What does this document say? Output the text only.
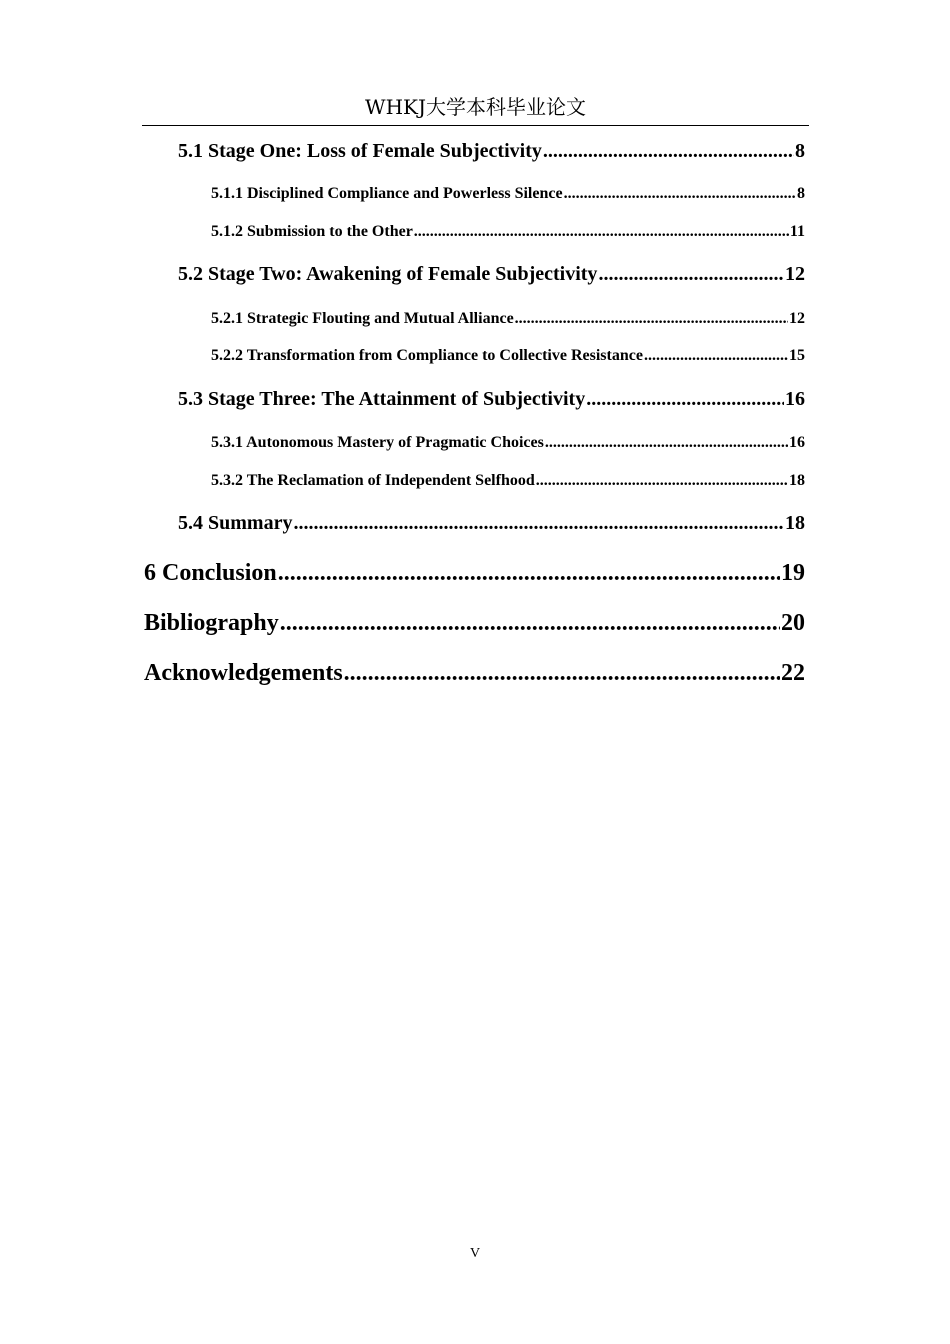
WHKJ大学本科毕业论文
5.1 Stage One: Loss of Female Subjectivity .....	8
5.1.1 Disciplined Compliance and Powerless Silence .....	8
5.1.2 Submission to the Other .....	11
5.2 Stage Two: Awakening of Female Subjectivity .....	12
5.2.1 Strategic Flouting and Mutual Alliance .....	12
5.2.2 Transformation from Compliance to Collective Resistance .....	15
5.3 Stage Three: The Attainment of Subjectivity .....	16
5.3.1 Autonomous Mastery of Pragmatic Choices .....	16
5.3.2 The Reclamation of Independent Selfhood .....	18
5.4 Summary .....	18
6 Conclusion .....	19
Bibliography .....	20
Acknowledgements .....	22
V
